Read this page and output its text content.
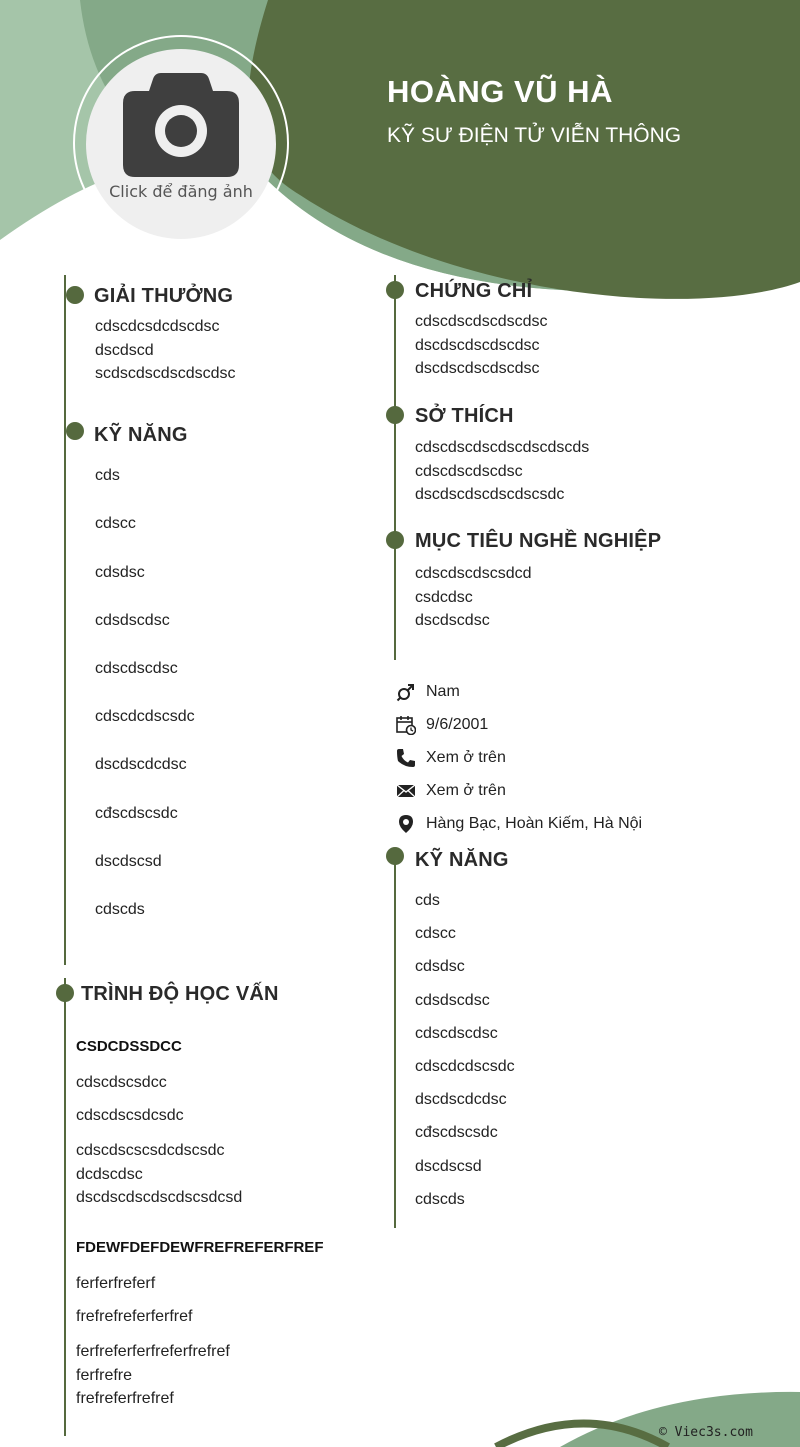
Click để đăng ảnh
HOÀNG VŨ HÀ
KỸ SƯ ĐIỆN TỬ VIỄN THÔNG
GIẢI THƯỞNG
cdscdcsdcdscdsc
dscdscd
scdscdscdscdscdsc
KỸ NĂNG
cds
cdscc
cdsdsc
cdsdscdsc
cdscdscdsc
cdscdcdscsdc
dscdscdcdsc
cđscdscsdc
dscdscsd
cdscds
TRÌNH ĐỘ HỌC VẤN
CSDCDSSDCC
cdscdscsdcc
cdscdscsdcsdc
cdscdscscsdcdscsdc
dcdscdsc
dscdscdscdscdscsdcsd
FDEWFDEFDEWFREFREFERFREF
ferferfreferf
frefrefreferferfref
ferfreferferfreferfrefref
ferfrefre
frefreferfrefref
CHỨNG CHỈ
cdscdscdscdscdsc
dscdscdscdscdsc
dscdscdscdscdsc
SỞ THÍCH
cdscdscdscdscdscdscds
cdscdscdscdsc
dscdscdscdscdscsdc
MỤC TIÊU NGHỀ NGHIỆP
cdscdscdscsdcd
csdcdsc
dscdscdsc
Nam
9/6/2001
Xem ở trên
Xem ở trên
Hàng Bạc, Hoàn Kiếm, Hà Nội
KỸ NĂNG
cds
cdscc
cdsdsc
cdsdscdsc
cdscdscdsc
cdscdcdscsdc
dscdscdcdsc
cđscdscsdc
dscdscsd
cdscds
© Viec3s.com
